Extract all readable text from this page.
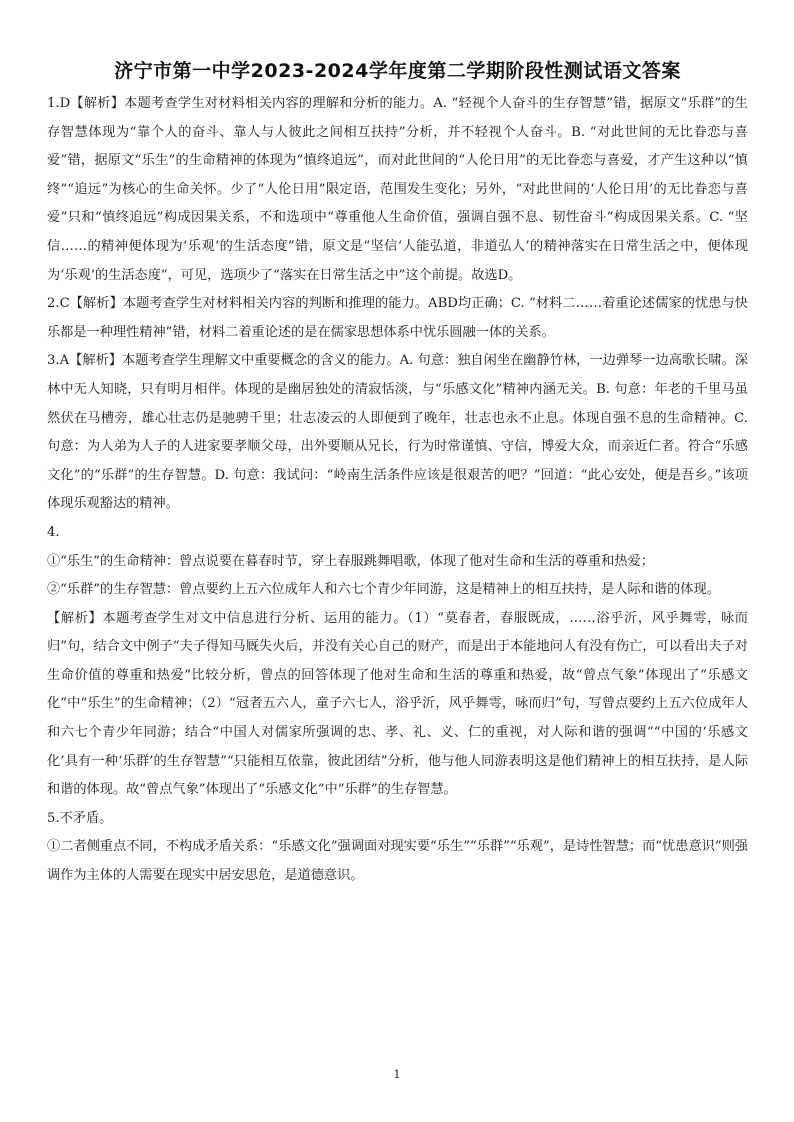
济宁市第一中学2023-2024学年度第二学期阶段性测试语文答案

1.D【解析】本题考查学生对材料相关内容的理解和分析的能力。A. “轻视个人奋斗的生存智慧”错，据原文“乐群”的生存智慧体现为“靠个人的奋斗、靠人与人彼此之间相互扶持”分析，并不轻视个人奋斗。B. “对此世间的无比眷恋与喜爱”错，据原文“乐生”的生命精神的体现为“慎终追远”，而对此世间的“人伦日用”的无比眷恋与喜爱，才产生这种以“慎终”“追远”为核心的生命关怀。少了“人伦日用”限定语，范围发生变化；另外，“对此世间的‘人伦日用’的无比眷恋与喜爱”只和“慎终追远”构成因果关系，不和选项中“尊重他人生命价值，强调自强不息、韧性奋斗”构成因果关系。C. “坚信……的精神便体现为‘乐观’的生活态度”错，原文是“坚信‘人能弘道，非道弘人’的精神落实在日常生活之中，便体现为‘乐观’的生活态度”，可见，选项少了“落实在日常生活之中”这个前提。故选D。

2.C【解析】本题考查学生对材料相关内容的判断和推理的能力。ABD均正确；C. “材料二……着重论述儒家的忧患与快乐都是一种理性精神”错，材料二着重论述的是在儒家思想体系中忧乐圆融一体的关系。

3.A【解析】本题考查学生理解文中重要概念的含义的能力。A. 句意：独自闲坐在幽静竹林，一边弹琴一边高歌长啸。深林中无人知晓，只有明月相伴。体现的是幽居独处的清寂恬淡，与“乐感文化”精神内涵无关。B. 句意：年老的千里马虽然伏在马槽旁，雄心壮志仍是驰骋千里；壮志凌云的人即便到了晚年，壮志也永不止息。体现自强不息的生命精神。C. 句意：为人弟为人子的人进家要孝顺父母，出外要顺从兄长，行为时常谨慎、守信，博爱大众，而亲近仁者。符合“乐感文化”的“乐群”的生存智慧。D. 句意：我试问：“岭南生活条件应该是很艰苦的吧？”回道：“此心安处，便是吾乡。”该项体现乐观豁达的精神。

4.

①“乐生”的生命精神：曾点说要在暮春时节，穿上春服跳舞唱歌，体现了他对生命和生活的尊重和热爱；

②“乐群”的生存智慧：曾点要约上五六位成年人和六七个青少年同游，这是精神上的相互扶持，是人际和谐的体现。

【解析】本题考查学生对文中信息进行分析、运用的能力。（1）“莫春者，春服既成，……浴乎沂，风乎舞雩，咏而归”句，结合文中例子“夫子得知马厩失火后，并没有关心自己的财产，而是出于本能地问人有没有伤亡，可以看出夫子对生命价值的尊重和热爱”比较分析，曾点的回答体现了他对生命和生活的尊重和热爱，故“曾点气象”体现出了“乐感文化”中“乐生”的生命精神；（2）“冠者五六人，童子六七人，浴乎沂，风乎舞雩，咏而归”句，写曾点要约上五六位成年人和六七个青少年同游；结合“中国人对儒家所强调的忠、孝、礼、义、仁的重视，对人际和谐的强调”“中国的‘乐感文化’具有一种‘乐群’的生存智慧”“只能相互依靠，彼此团结”分析，他与他人同游表明这是他们精神上的相互扶持，是人际和谐的体现。故“曾点气象”体现出了“乐感文化”中“乐群”的生存智慧。

5.不矛盾。

①二者侧重点不同，不构成矛盾关系：“乐感文化”强调面对现实要“乐生”“乐群”“乐观”，是诗性智慧；而“忧患意识”则强调作为主体的人需要在现实中居安思危，是道德意识。

1
